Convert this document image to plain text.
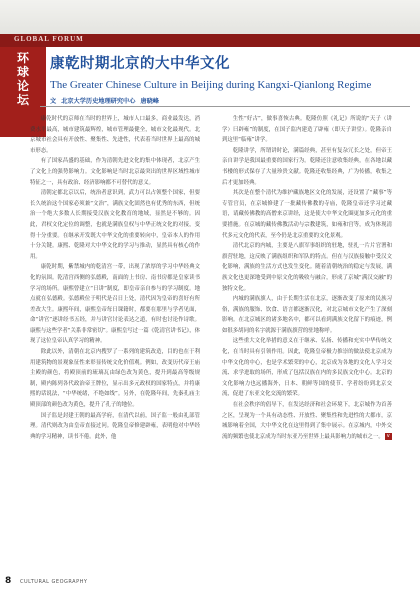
GLOBAL FORUM
环球论坛
康乾时期北京的大中华文化
The Greater Chinese Culture in Beijing during Kangxi-Qianlong Regime
文 北京大学历史地理研究中心 唐晓峰

康乾时代的京师在当时的世界上，城市人口最多，商业最发达，消费水平最高，城市建筑最辉煌，城市管理最健全，城市文化最现代。北京城市社会具有开放性、聚集性、先进性，代表着当时世界上最高的城市形态。

有了国家昌盛的基础，作为清朝先进文化的集中体现者，北京产生了文化上的强势影响力。文化影响是当时北京最突出的世界区域性城市特征之一，具有政治、经济影响都不可替代的意义。

清朝定都北京以后，统治者意识到，武力可以占领整个国家，但要长久统治这个国家必须兼“文治”，满族文化固然也有优秀的东西，但统治一个绝大多数人长期接受汉族文化教育的地域，显然是不够的。因此，君权文化定位的调整，也就是满族皇权与中华正统文化的对接，变得十分重要。在继承开发既大中华文化的重要转向中，皇帝本人的作用十分关键。康熙、乾隆对大中华文化的学习与推动，显然具有核心的作用。

康乾时期，紫禁城内的乾清宫一带，出现了浓厚的学习中华经典文化的氛围。乾清宫西侧的弘德殿，南面的上书房、南书房都是皇家读书学习的场所。康熙曾建立“日讲”制度，即皇帝亲自参与的学习制度。地点就在弘德殿。弘德殿位于明代是召日上处，清代因为皇帝的喜好有所差改大生。康熙年间，康熙皇帝每日课籍时，都要在那里与学者见面，命“讲官”逐讲经书五经，并与讲官讨论表达之道，有时也讨论作诗歌。康熙与这些学者“关系非常密切”。康熙皇写过一篇《乾清宫讲书记》，体现了这位皇帝认真学习的精神。

除此以外，清朝在北京内搜罗了一系列的建筑改造，目的也在于利用建筑物的景观象征性来彰显传统文化价值观。例如，改变历代帝王庙主殿的颜色，将殿顶前的琉璃瓦由绿色改为黄色，提升到最高等级规制，殿内陈列各代政治帝王牌位，显示出多元政权的国家特点，并将康熙的话说法，“中华统绪，不绝如线”。另外，在乾隆年间，先秦孔庙主殿顶部的颜色改为黄色，提升了孔子的地位。

国子监是封建王朝的最高学府，在清代以前，国子监一般由礼部管理。清代则改为由皇帝直接过问。乾隆皇帝修建辟雍，表明他对中华经典的学习精神，读书不倦。此外，他

生性“好古”，做事喜恢古典。乾隆仿照《礼记》所说的“天子（讲学）曰辟雍”的制度，在国子监内建造了辟雍（即天子讲堂）。乾隆亲自到这里“临雍”讲学。

乾隆讲学，所谓讲时论，满篇经典，甚至有复杂冗长之处，但帝王亲自讲学是我国最重要的国家行为。乾隆还注意收集经典，在各地以藏书楼的形式保存了大量珍贵文献。乾隆还收集经典，广为传播，收集之后才更加经典。

其次是在整个清代为维护藏族地区文化的发展，还设置了“藏事”等专管官员，在京城修建了一批藏传佛教的寺庙，乾隆皇帝还学习过藏语，请藏传佛教的高僧来京讲经，这是使大中华文化圈更加多元化的重要措施。在京城的藏传佛教活动与宗教建筑，如雍和宫等，成为体现清代多元文化的代表，至今仍是北京重要的文化景观。

清代北京的内城，主要是八旗军事组织的驻地，驻扎一片片官署和旗营驻地，这反映了满族组织和军队的特点。但在与汉族接触中受汉文化影响，满族的生活方式也发生变化。随着清朝统治的稳定与发展，满族文化也更深地受到中原文化的吸收与融合，形成了京城“满汉交融”的独特文化。

内城的满族旗人，由于长期生活在北京，逐渐改变了原来的民族习俗，满族的服饰、饮食、语言都逐渐汉化，对北京城市文化产生了深刻影响。在北京城区的诸多地名中，都可以看到满族文化留下的痕迹，例如很多胡同的名字就源于满族旗营的驻地称呼。

这些重大文化举措的意义在于继承、弘扬、传播和充实中华传统文化，在当时具有引领作用。因此，乾隆皇帝极力推崇的做法使北京成为中华文化的中心，也是学术繁荣的中心，北京成为各地的文化人学习交流、求学进取的场所，形成了包括汉族在内的多民族文化中心。北京的文化影响力也远播海外，日本、朝鲜等国的使节、学者纷纷到北京交流，促进了东亚文化交流的繁荣。

在社会秩序的倡导下，在发达经济和社会环境下，北京城作为首善之区，呈现为一个具有动态性、开放性、聚集性和先进性的大都市，京城影响着全国，大中华文化在这里得到了集中展示。在京城内，中外交流的频繁也使北京成为当时东亚乃至世界上最具影响力的城市之一。 ⅴ

8 CULTURAL GEOGRAPHY
